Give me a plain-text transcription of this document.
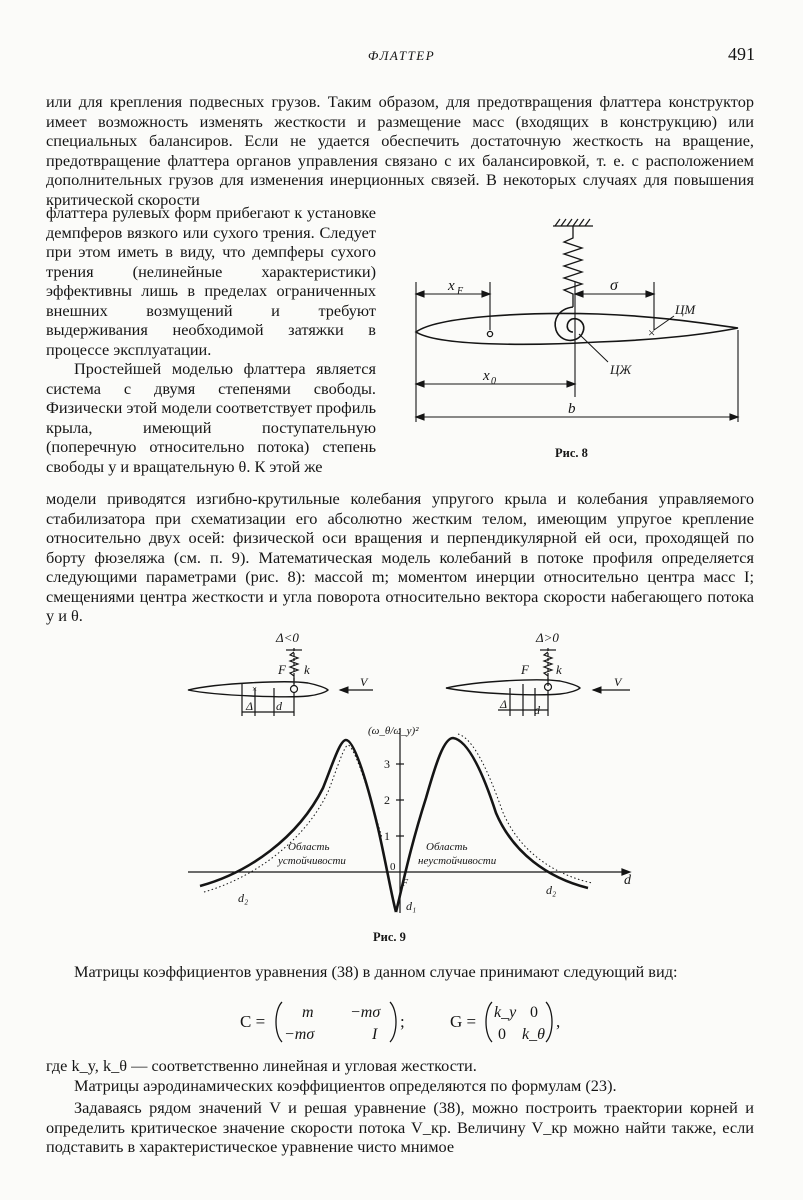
ФЛАТТЕР	491

или для крепления подвесных грузов. Таким образом, для предотвращения флаттера конструктор имеет возможность изменять жесткости и размещение масс (входящих в конструкцию) или специальных балансиров. Если не удается обеспечить достаточную жесткость на вращение, предотвращение флаттера органов управления связано с их балансировкой, т. е. с расположением дополнительных грузов для изменения инерционных связей. В некоторых случаях для повышения критической скорости

флаттера рулевых форм прибегают к установке демпферов вязкого или сухого трения. Следует при этом иметь в виду, что демпферы сухого трения (нелинейные характеристики) эффективны лишь в пределах ограниченных внешних возмущений и требуют выдерживания необходимой затяжки в процессе эксплуатации.

Простейшей моделью флаттера является система с двумя степенями свободы. Физически этой модели соответствует профиль крыла, имеющий поступательную (поперечную относительно потока) степень свободы y и вращательную θ. К этой же

модели приводятся изгибно-крутильные колебания упругого крыла и колебания управляемого стабилизатора при схематизации его абсолютно жестким телом, имеющим упругое крепление относительно двух осей: физической оси вращения и перпендикулярной ей оси, проходящей по борту фюзеляжа (см. п. 9). Математическая модель колебаний в потоке профиля определяется следующими параметрами (рис. 8): массой m; моментом инерции относительно центра масс I; смещениями центра жесткости и угла поворота относительно вектора скорости набегающего потока y и θ.

×
x F	σ
ЦМ
ЦЖ
x 0
b
Рис. 8
Δ<0
F k
Δ d
×	V
Δ>0
F k
Δ d
V
(ω_θ/ω_y)²
3
2
1
0
d
Область
устойчивости
Область
неустойчивости
d₂
d₁
d₂
F
Рис. 9

Матрицы коэффициентов уравнения (38) в данном случае принимают следующий вид:

C = m −mσ
−mσ	I
;	G = k_y 0
0 k_θ
,

где k_y, k_θ — соответственно линейная и угловая жесткости.

Матрицы аэродинамических коэффициентов определяются по формулам (23).

Задаваясь рядом значений V и решая уравнение (38), можно построить траектории корней и определить критическое значение скорости потока V_кр. Величину V_кр можно найти также, если подставить в характеристическое уравнение чисто мнимое
